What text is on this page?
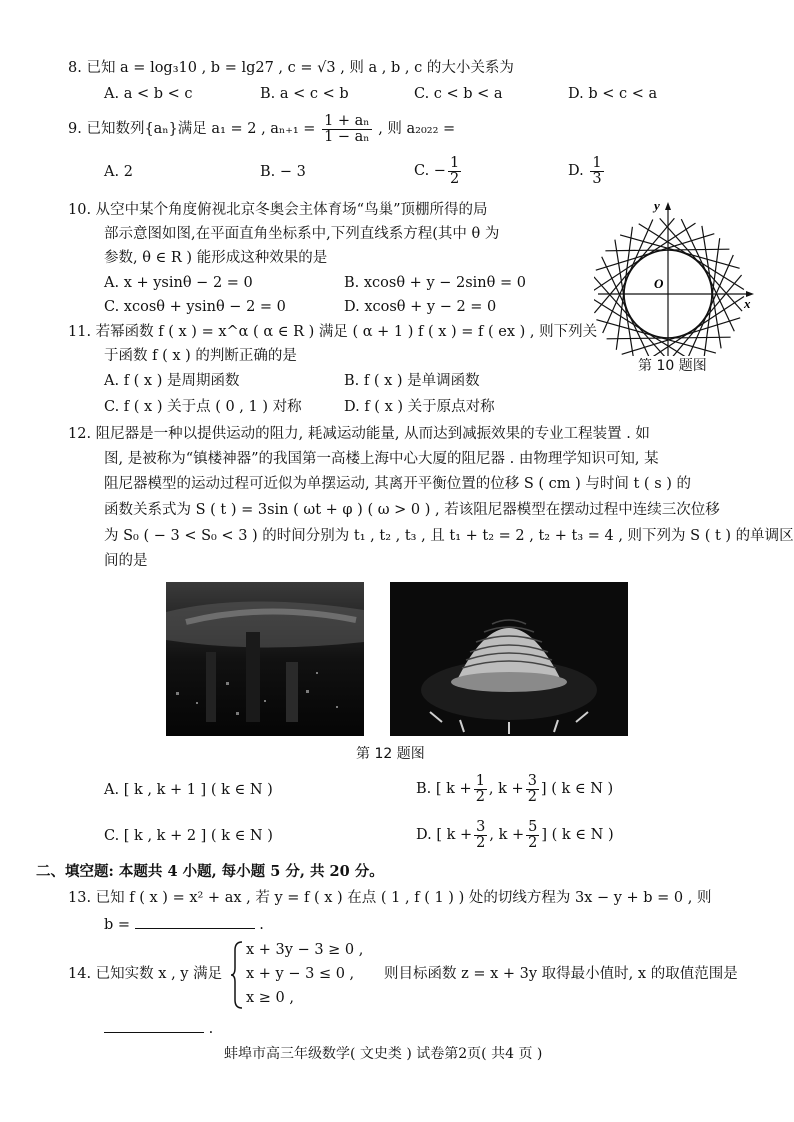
8. 已知 a = log₃10 , b = lg27 , c = √3 , 则 a , b , c 的大小关系为
A. a < b < c	B. a < c < b	C. c < b < a	D. b < c < a
9. 已知数列{aₙ}满足 a₁ = 2 , $a_{n+1} = \frac{\text{1 + aₙ}}{\text{1 − aₙ}}$ , 则 a₂₀₂₂ =
A. 2	B. − 3	C. − $\frac{1}{2}$	D. $\frac{1}{3}$
10. 从空中某个角度俯视北京冬奥会主体育场“鸟巢”顶棚所得的局
部示意图如图,在平面直角坐标系中,下列直线系方程(其中 θ 为
参数, θ ∈ R ) 能形成这种效果的是
A. x + ysinθ − 2 = 0	B. xcosθ + y − 2sinθ = 0
C. xcosθ + ysinθ − 2 = 0	D. xcosθ + y − 2 = 0	x
y
O
第 10 题图
11. 若幂函数 f ( x ) = x^α ( α ∈ R ) 满足 ( α + 1 ) f ( x ) = f ( ex ) , 则下列关
于函数 f ( x ) 的判断正确的是
A. f ( x ) 是周期函数	B. f ( x ) 是单调函数
C. f ( x ) 关于点 ( 0 , 1 ) 对称	D. f ( x ) 关于原点对称
12. 阻尼器是一种以提供运动的阻力, 耗减运动能量, 从而达到减振效果的专业工程装置 . 如
图, 是被称为“镇楼神器”的我国第一高楼上海中心大厦的阻尼器 . 由物理学知识可知, 某
阻尼器模型的运动过程可近似为单摆运动, 其离开平衡位置的位移 S ( cm ) 与时间 t ( s ) 的
函数关系式为 S ( t ) = 3sin ( ωt + φ ) ( ω > 0 ) , 若该阻尼器模型在摆动过程中连续三次位移
为 S₀ ( − 3 < S₀ < 3 ) 的时间分别为 t₁ , t₂ , t₃ , 且 t₁ + t₂ = 2 , t₂ + t₃ = 4 , 则下列为 S ( t ) 的单调区
间的是
第 12 题图
A. [ k , k + 1 ] ( k ∈ N )	B. [ $k + \frac{1}{2}$ , $k + \frac{3}{2}$ ] ( k ∈ N )
C. [ k , k + 2 ] ( k ∈ N )	D. [ $k + \frac{3}{2}$ , $k + \frac{5}{2}$ ] ( k ∈ N )
二、填空题: 本题共 4 小题, 每小题 5 分, 共 20 分。
13. 已知 f ( x ) = x² + ax , 若 y = f ( x ) 在点 ( 1 , f ( 1 ) ) 处的切线方程为 3x − y + b = 0 , 则
b =	.
14. 已知实数 x , y 满足
x + 3y − 3 ≥ 0 ,
x + y − 3 ≤ 0 ,
x ≥ 0 ,
则目标函数 z = x + 3y 取得最小值时, x 的取值范围是
.
蚌埠市高三年级数学( 文史类 ) 试卷第2页( 共4 页 )
